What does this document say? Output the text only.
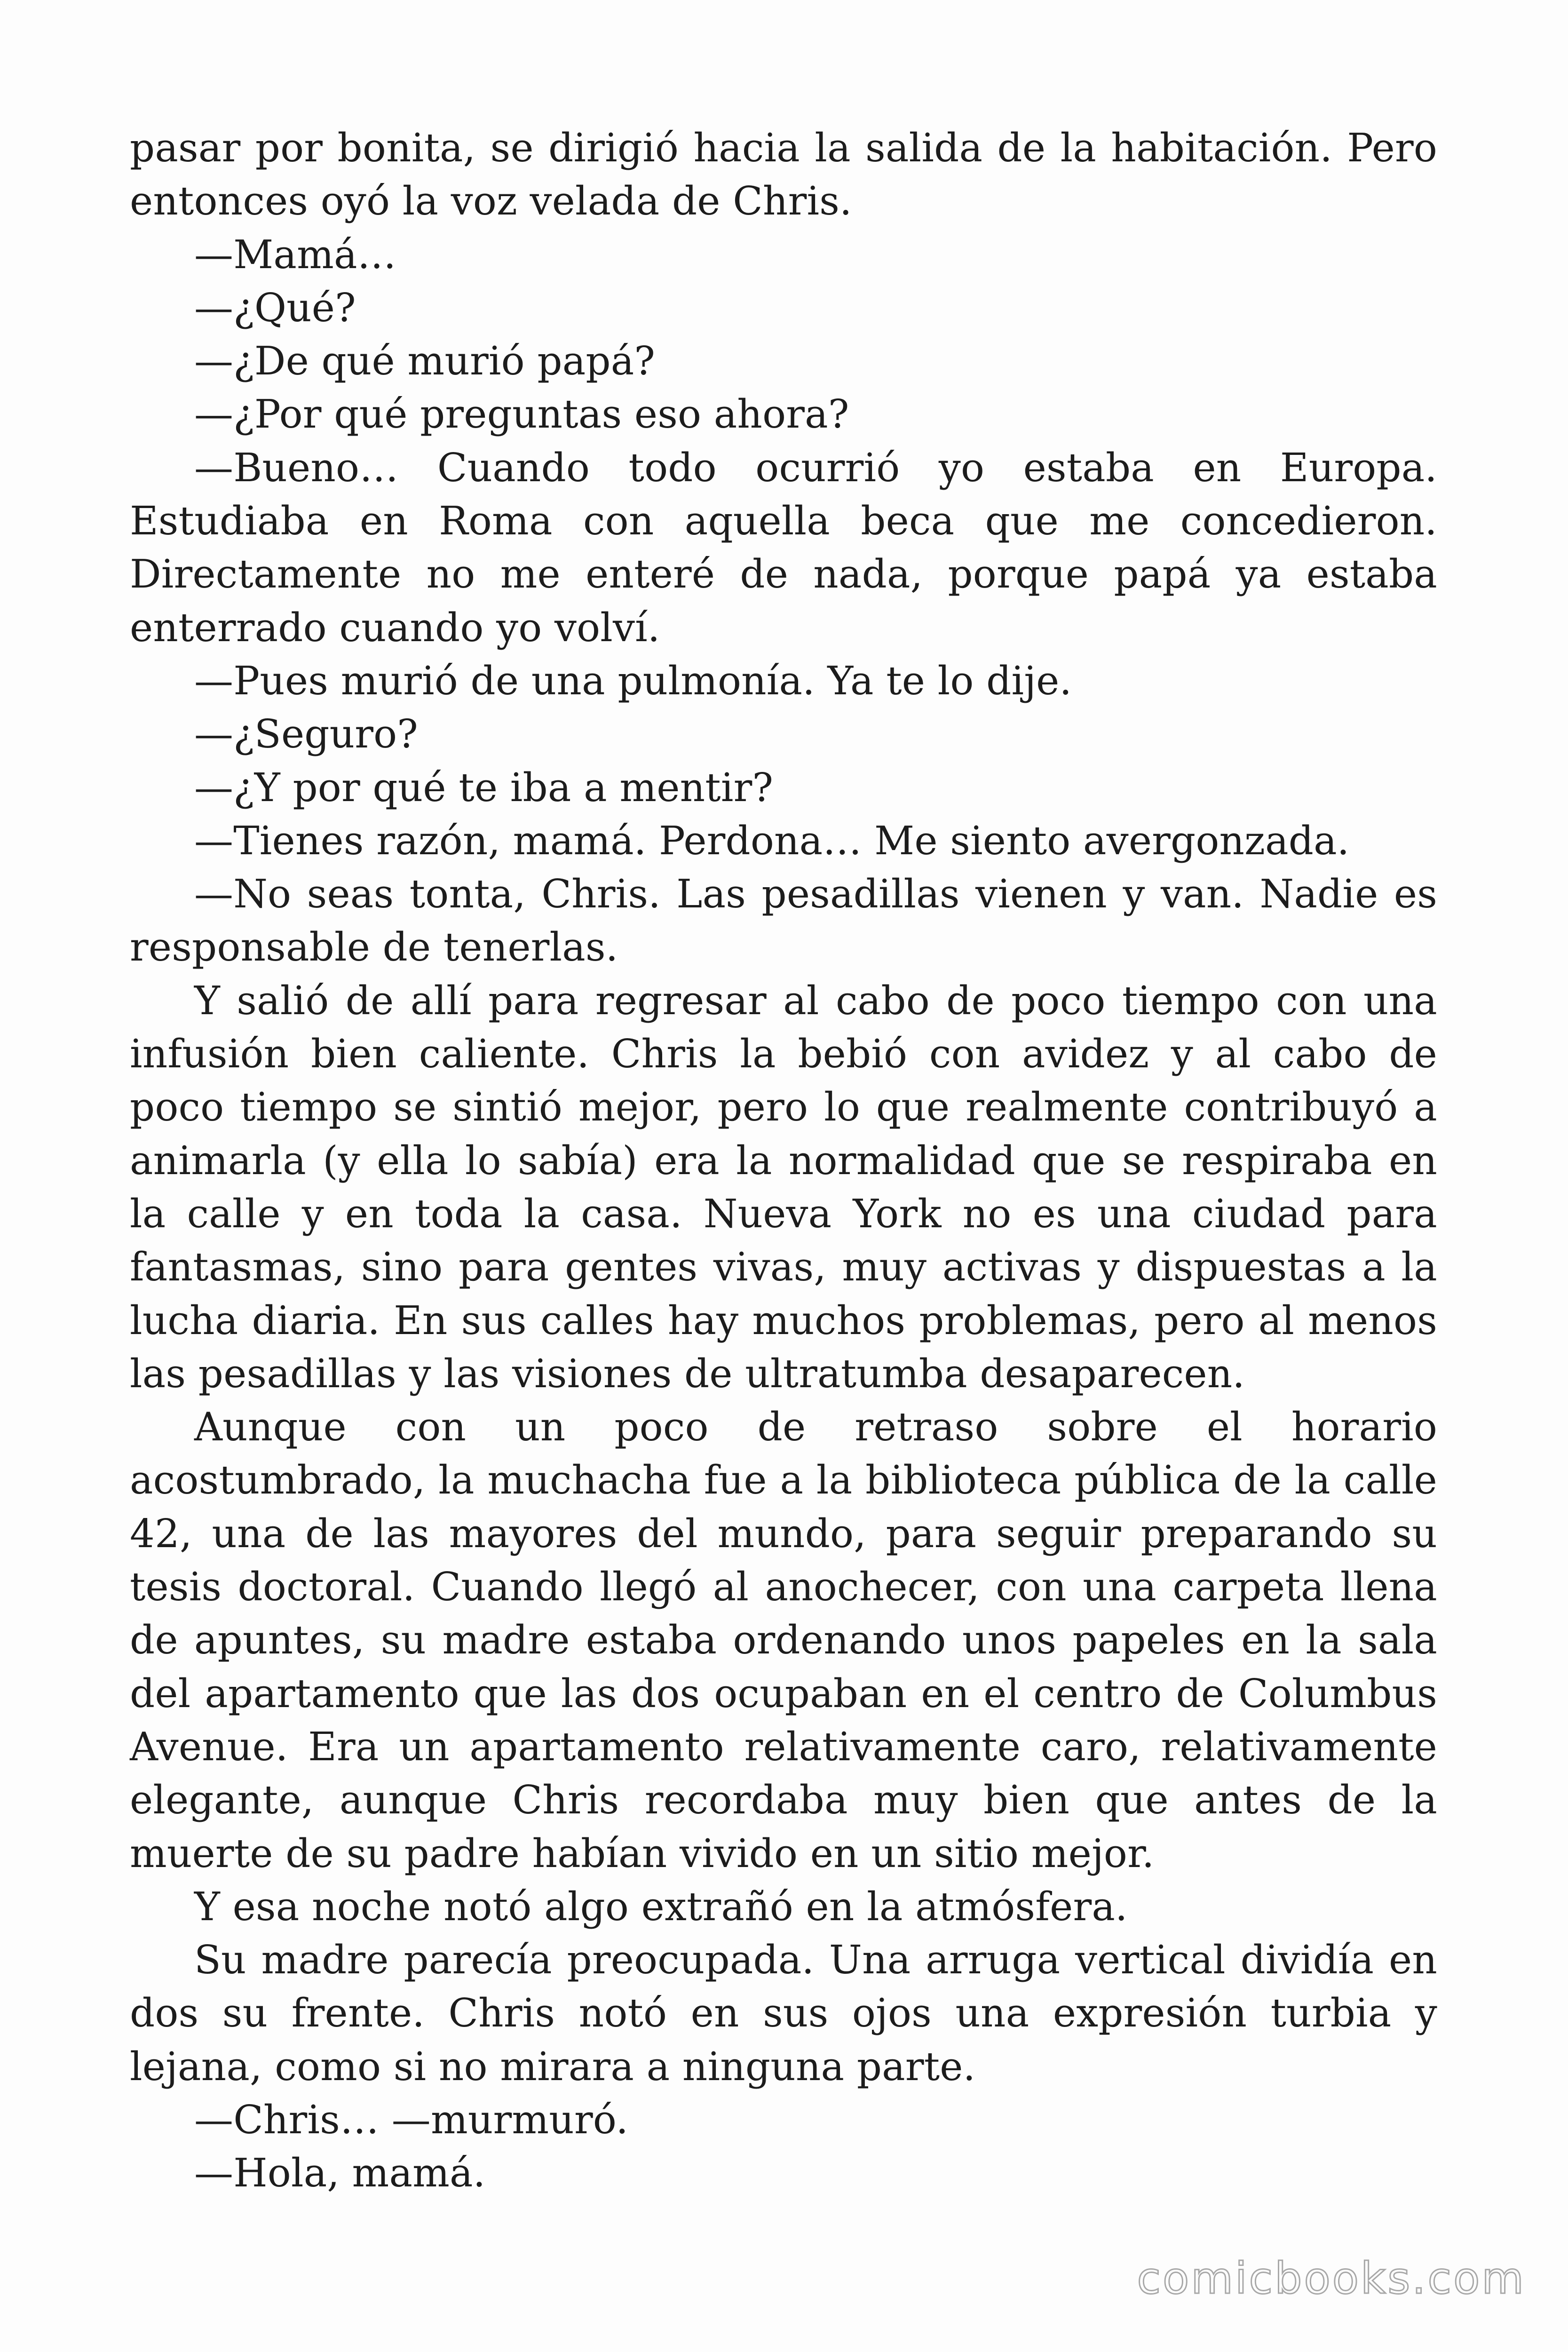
pasar por bonita, se dirigió hacia la salida de la habitación. Pero entonces oyó la voz velada de Chris.

—Mamá…

—¿Qué?

—¿De qué murió papá?

—¿Por qué preguntas eso ahora?

—Bueno… Cuando todo ocurrió yo estaba en Europa. Estudiaba en Roma con aquella beca que me concedieron. Directamente no me enteré de nada, porque papá ya estaba enterrado cuando yo volví.

—Pues murió de una pulmonía. Ya te lo dije.

—¿Seguro?

—¿Y por qué te iba a mentir?

—Tienes razón, mamá. Perdona… Me siento avergonzada.

—No seas tonta, Chris. Las pesadillas vienen y van. Nadie es responsable de tenerlas.

Y salió de allí para regresar al cabo de poco tiempo con una infusión bien caliente. Chris la bebió con avidez y al cabo de poco tiempo se sintió mejor, pero lo que realmente contribuyó a animarla (y ella lo sabía) era la normalidad que se respiraba en la calle y en toda la casa. Nueva York no es una ciudad para fantasmas, sino para gentes vivas, muy activas y dispuestas a la lucha diaria. En sus calles hay muchos problemas, pero al menos las pesadillas y las visiones de ultratumba desaparecen.

Aunque con un poco de retraso sobre el horario acostumbrado, la muchacha fue a la biblioteca pública de la calle 42, una de las mayores del mundo, para seguir preparando su tesis doctoral. Cuando llegó al anochecer, con una carpeta llena de apuntes, su madre estaba ordenando unos papeles en la sala del apartamento que las dos ocupaban en el centro de Columbus Avenue. Era un apartamento relativamente caro, relativamente elegante, aunque Chris recordaba muy bien que antes de la muerte de su padre habían vivido en un sitio mejor.

Y esa noche notó algo extrañó en la atmósfera.

Su madre parecía preocupada. Una arruga vertical dividía en dos su frente. Chris notó en sus ojos una expresión turbia y lejana, como si no mirara a ninguna parte.

—Chris… —murmuró.

—Hola, mamá.

comicbooks.com
